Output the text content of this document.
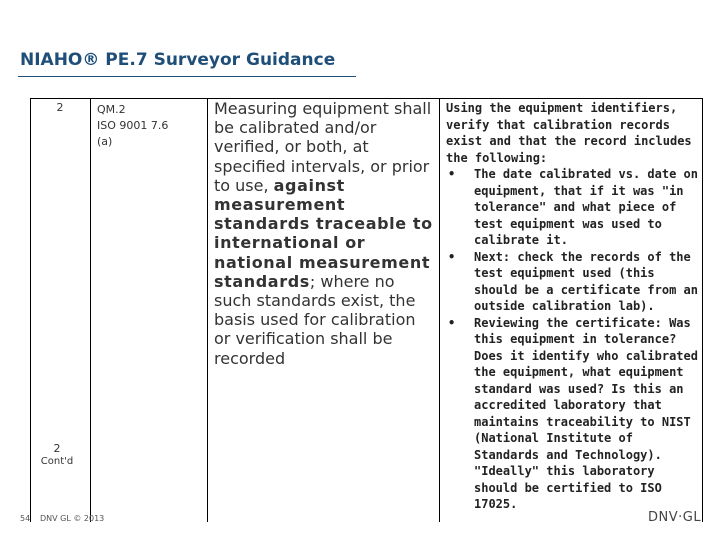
NIAHO® PE.7 Surveyor Guidance
2
2
Cont'd
QM.2
ISO 9001 7.6
(a)
Measuring equipment shall be calibrated and/or verified, or both, at specified intervals, or prior to use, against measurement standards traceable to international or national measurement standards; where no such standards exist, the basis used for calibration or verification shall be recorded

Using the equipment identifiers, verify that calibration records exist and that the record includes the following:

• The date calibrated vs. date on equipment, that if it was "in tolerance" and what piece of test equipment was used to calibrate it.
• Next: check the records of the test equipment used (this should be a certificate from an outside calibration lab).
• Reviewing the certificate: Was this equipment in tolerance? Does it identify who calibrated the equipment, what equipment standard was used? Is this an accredited laboratory that maintains traceability to NIST (National Institute of Standards and Technology). "Ideally" this laboratory should be certified to ISO 17025.
54 DNV GL © 2013	DNV·GL
